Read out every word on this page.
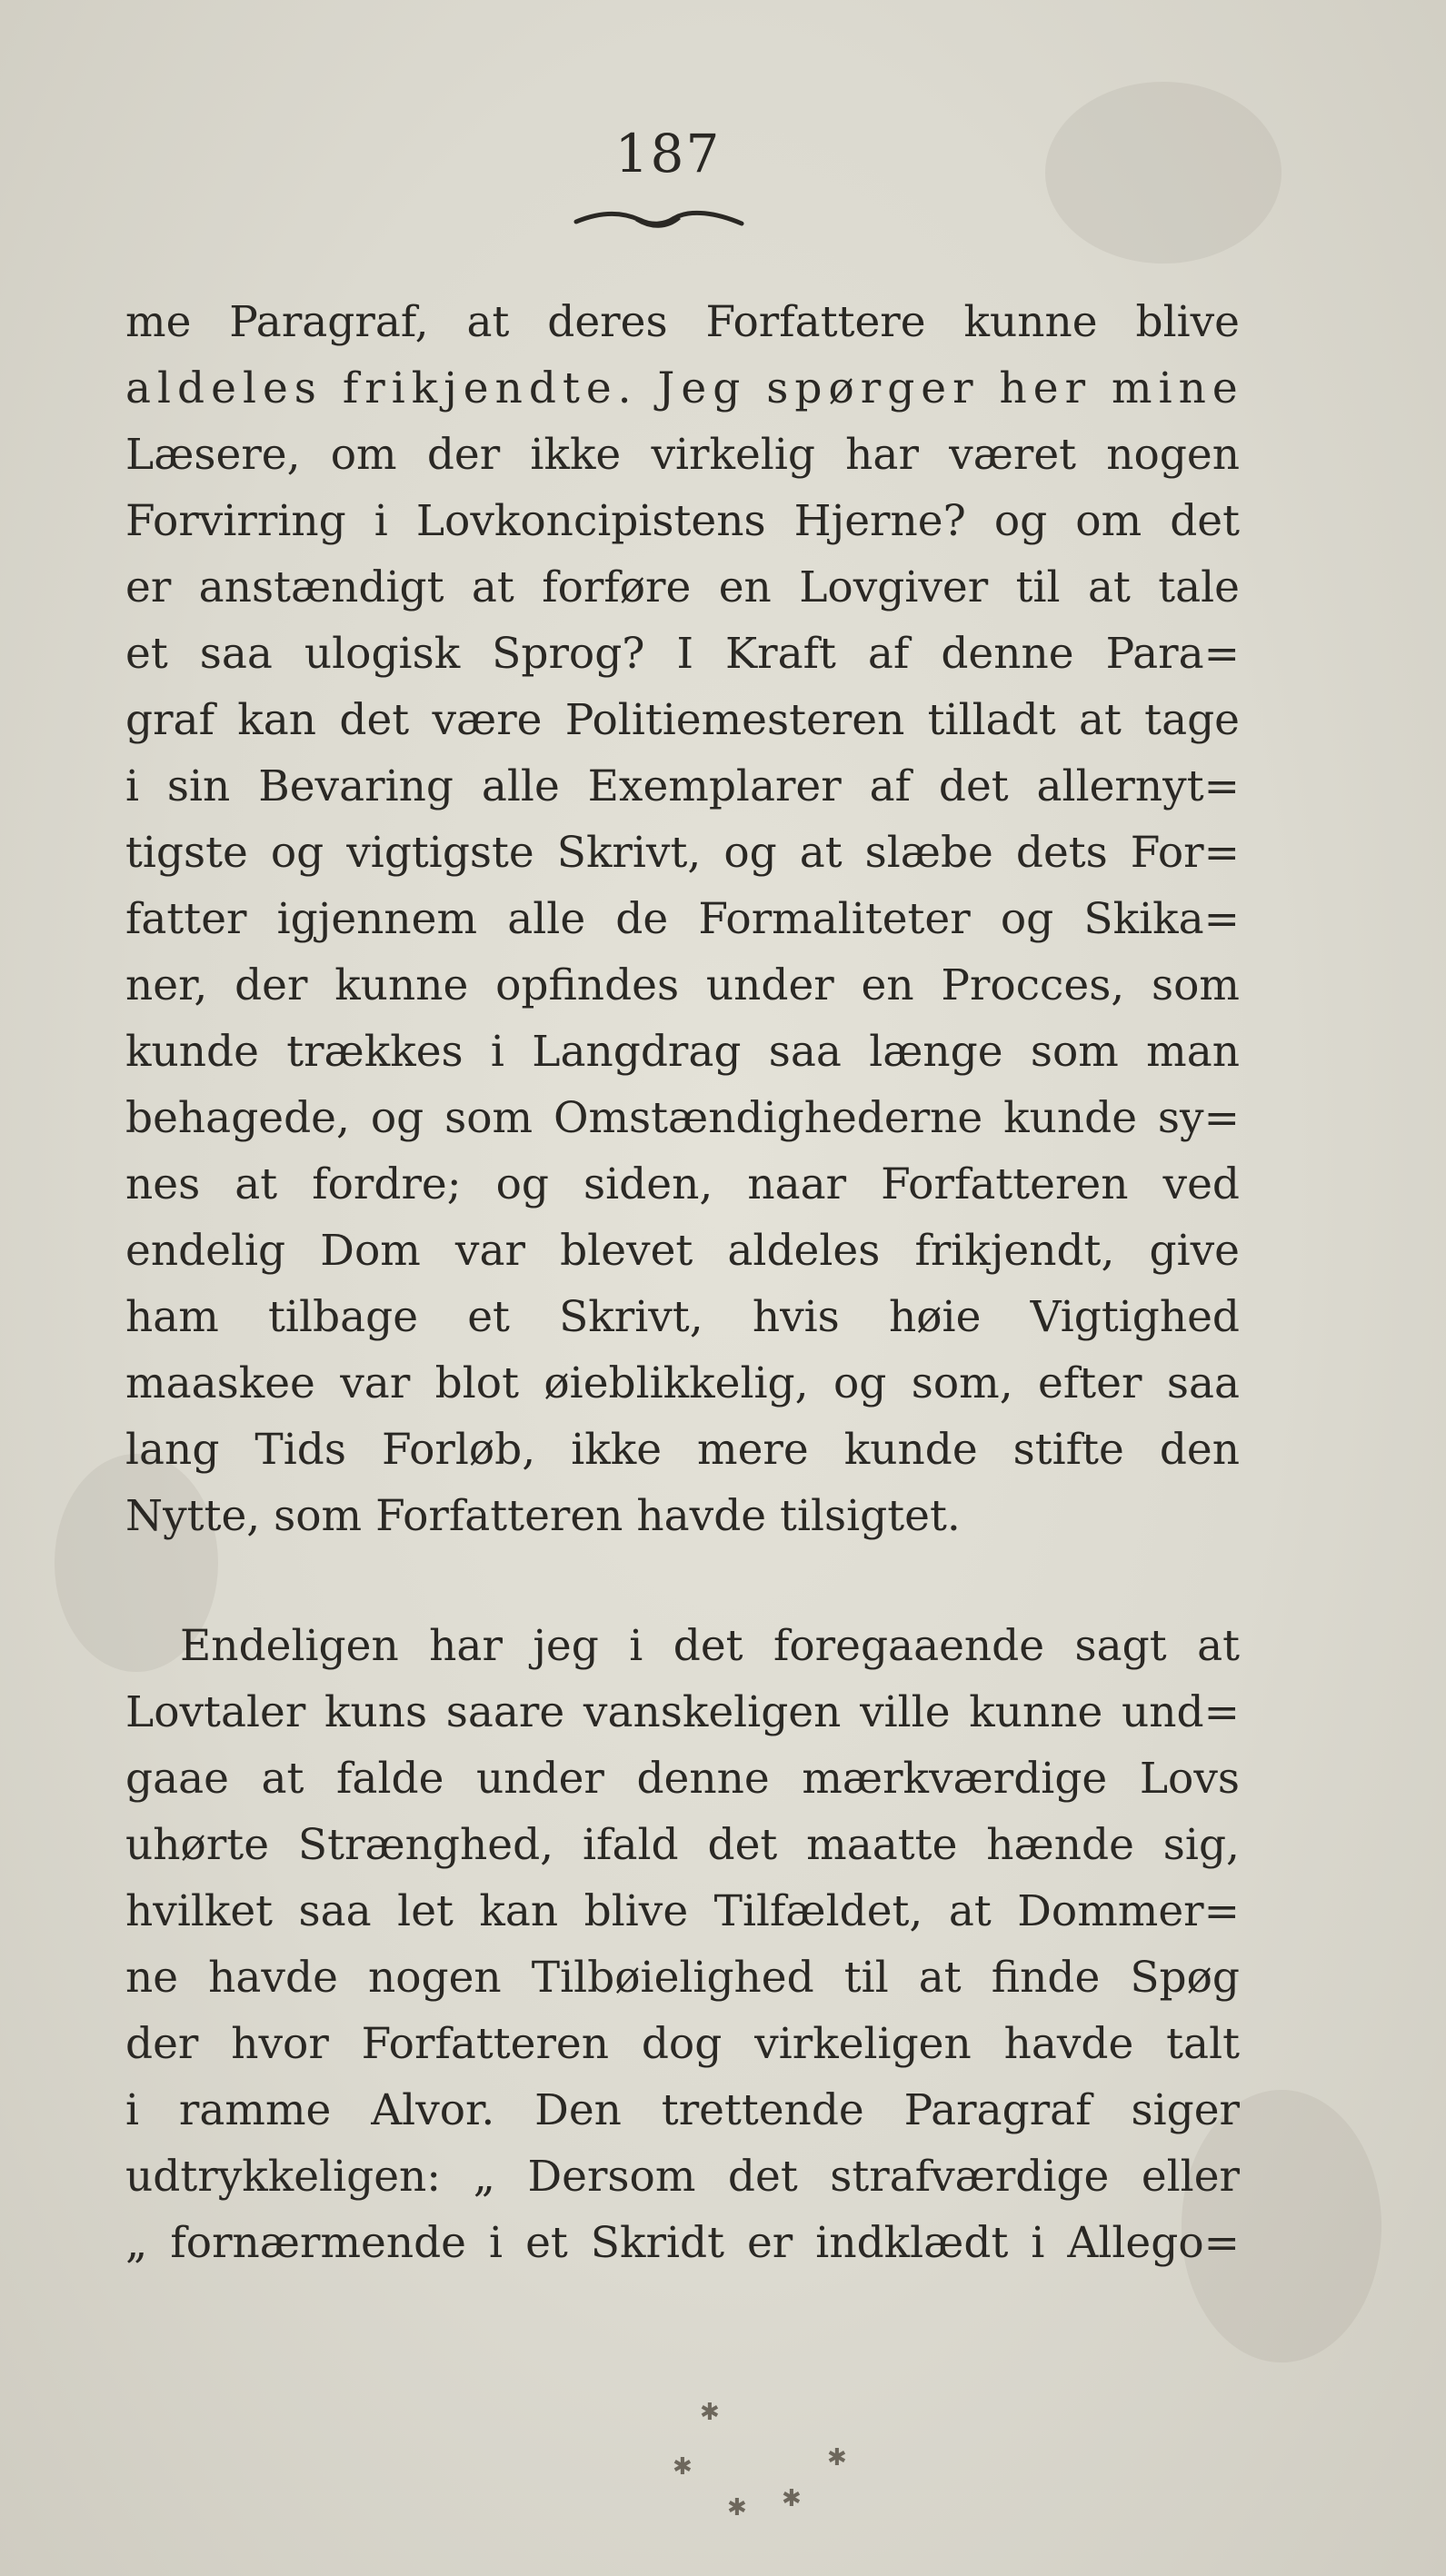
187
me Paragraf, at deres Forfattere kunne blive
aldeles frikjendte. Jeg spørger her mine
Læsere, om der ikke virkelig har været nogen
Forvirring i Lovkoncipistens Hjerne? og om det
er anstændigt at forføre en Lovgiver til at tale
et saa ulogisk Sprog? I Kraft af denne Para=
graf kan det være Politiemesteren tilladt at tage
i sin Bevaring alle Exemplarer af det allernyt=
tigste og vigtigste Skrivt, og at slæbe dets For=
fatter igjennem alle de Formaliteter og Skika=
ner, der kunne opfindes under en Procces, som
kunde trækkes i Langdrag saa længe som man
behagede, og som Omstændighederne kunde sy=
nes at fordre; og siden, naar Forfatteren ved
endelig Dom var blevet aldeles frikjendt, give
ham tilbage et Skrivt, hvis høie Vigtighed
maaskee var blot øieblikkelig, og som, efter saa
lang Tids Forløb, ikke mere kunde stifte den
Nytte, som Forfatteren havde tilsigtet.
Endeligen har jeg i det foregaaende sagt at
Lovtaler kuns saare vanskeligen ville kunne und=
gaae at falde under denne mærkværdige Lovs
uhørte Strænghed, ifald det maatte hænde sig,
hvilket saa let kan blive Tilfældet, at Dommer=
ne havde nogen Tilbøielighed til at finde Spøg
der hvor Forfatteren dog virkeligen havde talt
i ramme Alvor. Den trettende Paragraf siger
udtrykkeligen: „ Dersom det strafværdige eller
„ fornærmende i et Skridt er indklædt i Allego=
✱
✱	✱
✱
✱
